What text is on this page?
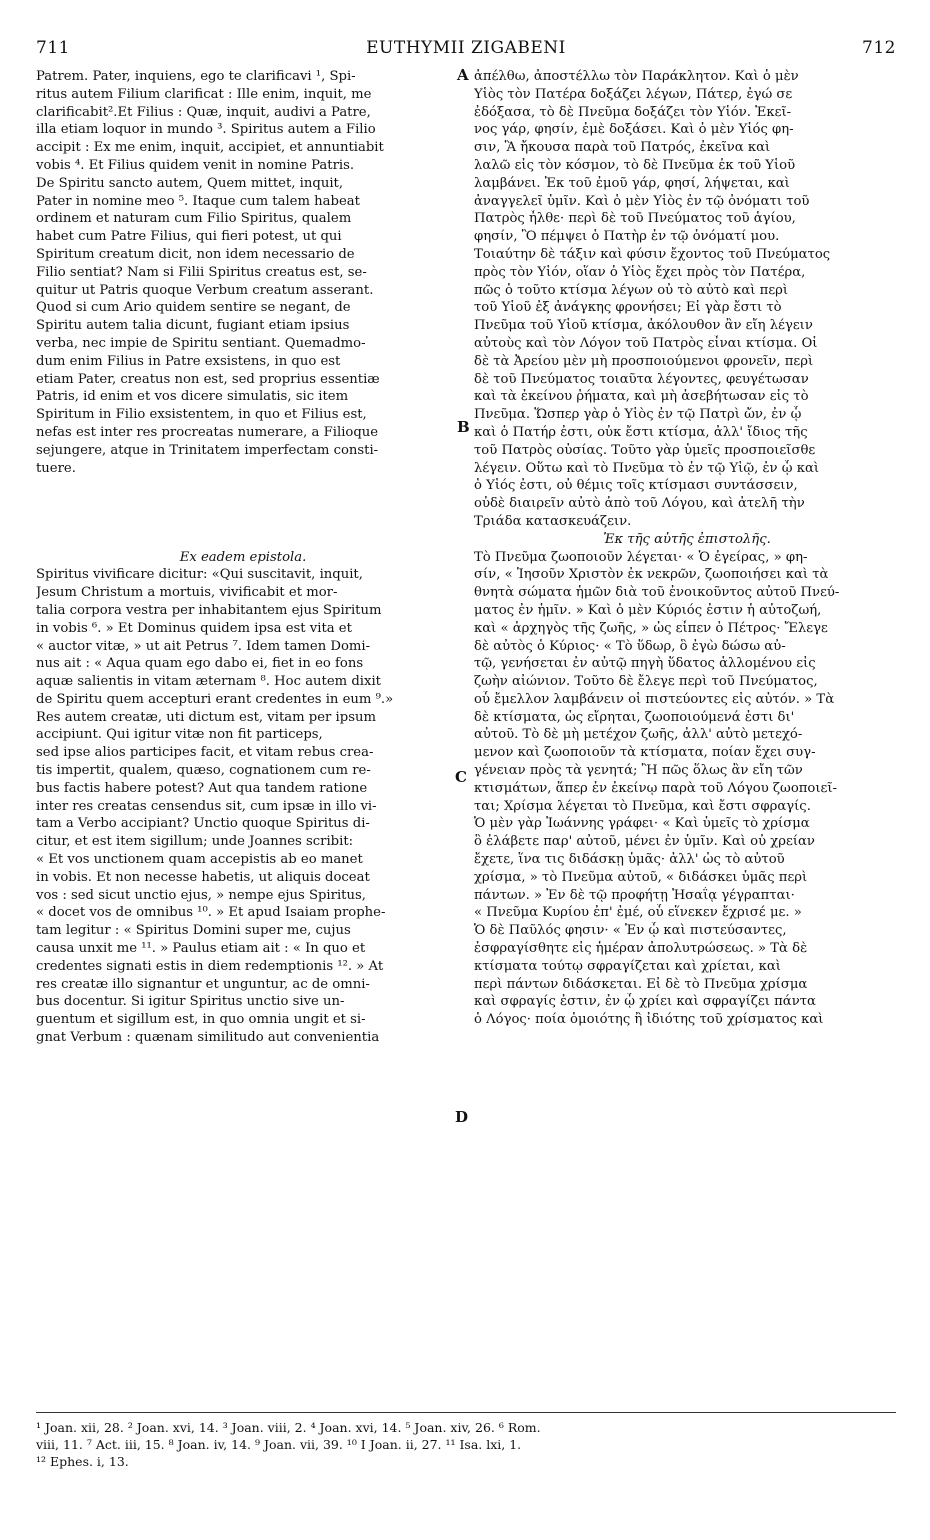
711	EUTHYMII ZIGABENI	712
A
B
C
D
Patrem. Pater, inquiens, ego te clarificavi ¹, Spi-
ritus autem Filium clarificat : Ille enim, inquit, me
clarificabit².Et Filius : Quæ, inquit, audivi a Patre,
illa etiam loquor in mundo ³. Spiritus autem a Filio
accipit : Ex me enim, inquit, accipiet, et annuntiabit
vobis ⁴. Et Filius quidem venit in nomine Patris.
De Spiritu sancto autem, Quem mittet, inquit,
Pater in nomine meo ⁵. Itaque cum talem habeat
ordinem et naturam cum Filio Spiritus, qualem
habet cum Patre Filius, qui fieri potest, ut qui
Spiritum creatum dicit, non idem necessario de
Filio sentiat? Nam si Filii Spiritus creatus est, se-
quitur ut Patris quoque Verbum creatum asserant.
Quod si cum Ario quidem sentire se negant, de
Spiritu autem talia dicunt, fugiant etiam ipsius
verba, nec impie de Spiritu sentiant. Quemadmo-
dum enim Filius in Patre exsistens, in quo est
etiam Pater, creatus non est, sed proprius essentiæ
Patris, id enim et vos dicere simulatis, sic item
Spiritum in Filio exsistentem, in quo et Filius est,
nefas est inter res procreatas numerare, a Filioque
sejungere, atque in Trinitatem imperfectam consti-
tuere.
Ex eadem epistola.
Spiritus vivificare dicitur: «Qui suscitavit, inquit,
Jesum Christum a mortuis, vivificabit et mor-
talia corpora vestra per inhabitantem ejus Spiritum
in vobis ⁶. » Et Dominus quidem ipsa est vita et
« auctor vitæ, » ut ait Petrus ⁷. Idem tamen Domi-
nus ait : « Aqua quam ego dabo ei, fiet in eo fons
aquæ salientis in vitam æternam ⁸. Hoc autem dixit
de Spiritu quem accepturi erant credentes in eum ⁹.»
Res autem creatæ, uti dictum est, vitam per ipsum
accipiunt. Qui igitur vitæ non fit particeps,
sed ipse alios participes facit, et vitam rebus crea-
tis impertit, qualem, quæso, cognationem cum re-
bus factis habere potest? Aut qua tandem ratione
inter res creatas censendus sit, cum ipsæ in illo vi-
tam a Verbo accipiant? Unctio quoque Spiritus di-
citur, et est item sigillum; unde Joannes scribit:
« Et vos unctionem quam accepistis ab eo manet
in vobis. Et non necesse habetis, ut aliquis doceat
vos : sed sicut unctio ejus, » nempe ejus Spiritus,
« docet vos de omnibus ¹⁰. » Et apud Isaiam prophe-
tam legitur : « Spiritus Domini super me, cujus
causa unxit me ¹¹. » Paulus etiam ait : « In quo et
credentes signati estis in diem redemptionis ¹². » At
res creatæ illo signantur et unguntur, ac de omni-
bus docentur. Si igitur Spiritus unctio sive un-
guentum et sigillum est, in quo omnia ungit et si-
gnat Verbum : quænam similitudo aut convenientia
ἀπέλθω, ἀποστέλλω τὸν Παράκλητον. Καὶ ὁ μὲν
Υἱὸς τὸν Πατέρα δοξάζει λέγων, Πάτερ, ἐγώ σε
ἐδόξασα, τὸ δὲ Πνεῦμα δοξάζει τὸν Υἱόν. Ἐκεῖ-
νος γάρ, φησίν, ἐμὲ δοξάσει. Καὶ ὁ μὲν Υἱός φη-
σιν, Ἃ ἤκουσα παρὰ τοῦ Πατρός, ἐκεῖνα καὶ
λαλῶ εἰς τὸν κόσμον, τὸ δὲ Πνεῦμα ἐκ τοῦ Υἱοῦ
λαμβάνει. Ἐκ τοῦ ἐμοῦ γάρ, φησί, λήψεται, καὶ
ἀναγγελεῖ ὑμῖν. Καὶ ὁ μὲν Υἱὸς ἐν τῷ ὀνόματι τοῦ
Πατρὸς ἦλθε· περὶ δὲ τοῦ Πνεύματος τοῦ ἁγίου,
φησίν, Ὃ πέμψει ὁ Πατὴρ ἐν τῷ ὀνόματί μου.
Τοιαύτην δὲ τάξιν καὶ φύσιν ἔχοντος τοῦ Πνεύματος
πρὸς τὸν Υἱόν, οἵαν ὁ Υἱὸς ἔχει πρὸς τὸν Πατέρα,
πῶς ὁ τοῦτο κτίσμα λέγων οὐ τὸ αὐτὸ καὶ περὶ
τοῦ Υἱοῦ ἐξ ἀνάγκης φρονήσει; Εἰ γὰρ ἔστι τὸ
Πνεῦμα τοῦ Υἱοῦ κτίσμα, ἀκόλουθον ἂν εἴη λέγειν
αὐτοὺς καὶ τὸν Λόγον τοῦ Πατρὸς εἶναι κτίσμα. Οἱ
δὲ τὰ Ἀρείου μὲν μὴ προσποιούμενοι φρονεῖν, περὶ
δὲ τοῦ Πνεύματος τοιαῦτα λέγοντες, φευγέτωσαν
καὶ τὰ ἐκείνου ῥήματα, καὶ μὴ ἀσεβήτωσαν εἰς τὸ
Πνεῦμα. Ὥσπερ γὰρ ὁ Υἱὸς ἐν τῷ Πατρὶ ὤν, ἐν ᾧ
καὶ ὁ Πατήρ ἐστι, οὐκ ἔστι κτίσμα, ἀλλ' ἴδιος τῆς
τοῦ Πατρὸς οὐσίας. Τοῦτο γὰρ ὑμεῖς προσποιεῖσθε
λέγειν. Οὕτω καὶ τὸ Πνεῦμα τὸ ἐν τῷ Υἱῷ, ἐν ᾧ καὶ
ὁ Υἱός ἐστι, οὐ θέμις τοῖς κτίσμασι συντάσσειν,
οὐδὲ διαιρεῖν αὐτὸ ἀπὸ τοῦ Λόγου, καὶ ἀτελῆ τὴν
Τριάδα κατασκευάζειν.
Ἐκ τῆς αὐτῆς ἐπιστολῆς.
Τὸ Πνεῦμα ζωοποιοῦν λέγεται· « Ὁ ἐγείρας, » φη-
σίν, « Ἰησοῦν Χριστὸν ἐκ νεκρῶν, ζωοποιήσει καὶ τὰ
θνητὰ σώματα ἡμῶν διὰ τοῦ ἐνοικοῦντος αὐτοῦ Πνεύ-
ματος ἐν ἡμῖν. » Καὶ ὁ μὲν Κύριός ἐστιν ἡ αὐτοζωή,
καὶ « ἀρχηγὸς τῆς ζωῆς, » ὡς εἶπεν ὁ Πέτρος· Ἔλεγε
δὲ αὐτὸς ὁ Κύριος· « Τὸ ὕδωρ, ὃ ἐγὼ δώσω αὐ-
τῷ, γενήσεται ἐν αὐτῷ πηγὴ ὕδατος ἁλλομένου εἰς
ζωὴν αἰώνιον. Τοῦτο δὲ ἔλεγε περὶ τοῦ Πνεύματος,
οὗ ἔμελλον λαμβάνειν οἱ πιστεύοντες εἰς αὐτόν. » Τὰ
δὲ κτίσματα, ὡς εἴρηται, ζωοποιούμενά ἐστι δι'
αὐτοῦ. Τὸ δὲ μὴ μετέχον ζωῆς, ἀλλ' αὐτὸ μετεχό-
μενον καὶ ζωοποιοῦν τὰ κτίσματα, ποίαν ἔχει συγ-
γένειαν πρὸς τὰ γενητά; Ἢ πῶς ὅλως ἂν εἴη τῶν
κτισμάτων, ἅπερ ἐν ἐκείνῳ παρὰ τοῦ Λόγου ζωοποιεῖ-
ται; Χρίσμα λέγεται τὸ Πνεῦμα, καὶ ἔστι σφραγίς.
Ὁ μὲν γὰρ Ἰωάννης γράφει· « Καὶ ὑμεῖς τὸ χρίσμα
ὃ ἐλάβετε παρ' αὐτοῦ, μένει ἐν ὑμῖν. Καὶ οὐ χρείαν
ἔχετε, ἵνα τις διδάσκῃ ὑμᾶς· ἀλλ' ὡς τὸ αὐτοῦ
χρίσμα, » τὸ Πνεῦμα αὐτοῦ, « διδάσκει ὑμᾶς περὶ
πάντων. » Ἐν δὲ τῷ προφήτῃ Ἡσαΐᾳ γέγραπται·
« Πνεῦμα Κυρίου ἐπ' ἐμέ, οὗ εἵνεκεν ἔχρισέ με. »
Ὁ δὲ Παῦλός φησιν· « Ἐν ᾧ καὶ πιστεύσαντες,
ἐσφραγίσθητε εἰς ἡμέραν ἀπολυτρώσεως. » Τὰ δὲ
κτίσματα τούτῳ σφραγίζεται καὶ χρίεται, καὶ
περὶ πάντων διδάσκεται. Εἰ δὲ τὸ Πνεῦμα χρίσμα
καὶ σφραγίς ἐστιν, ἐν ᾧ χρίει καὶ σφραγίζει πάντα
ὁ Λόγος· ποία ὁμοιότης ἢ ἰδιότης τοῦ χρίσματος καὶ
¹ Joan. xii, 28. ² Joan. xvi, 14. ³ Joan. viii, 2. ⁴ Joan. xvi, 14. ⁵ Joan. xiv, 26. ⁶ Rom.
viii, 11. ⁷ Act. iii, 15. ⁸ Joan. iv, 14. ⁹ Joan. vii, 39. ¹⁰ I Joan. ii, 27. ¹¹ Isa. lxi, 1.
¹² Ephes. i, 13.
